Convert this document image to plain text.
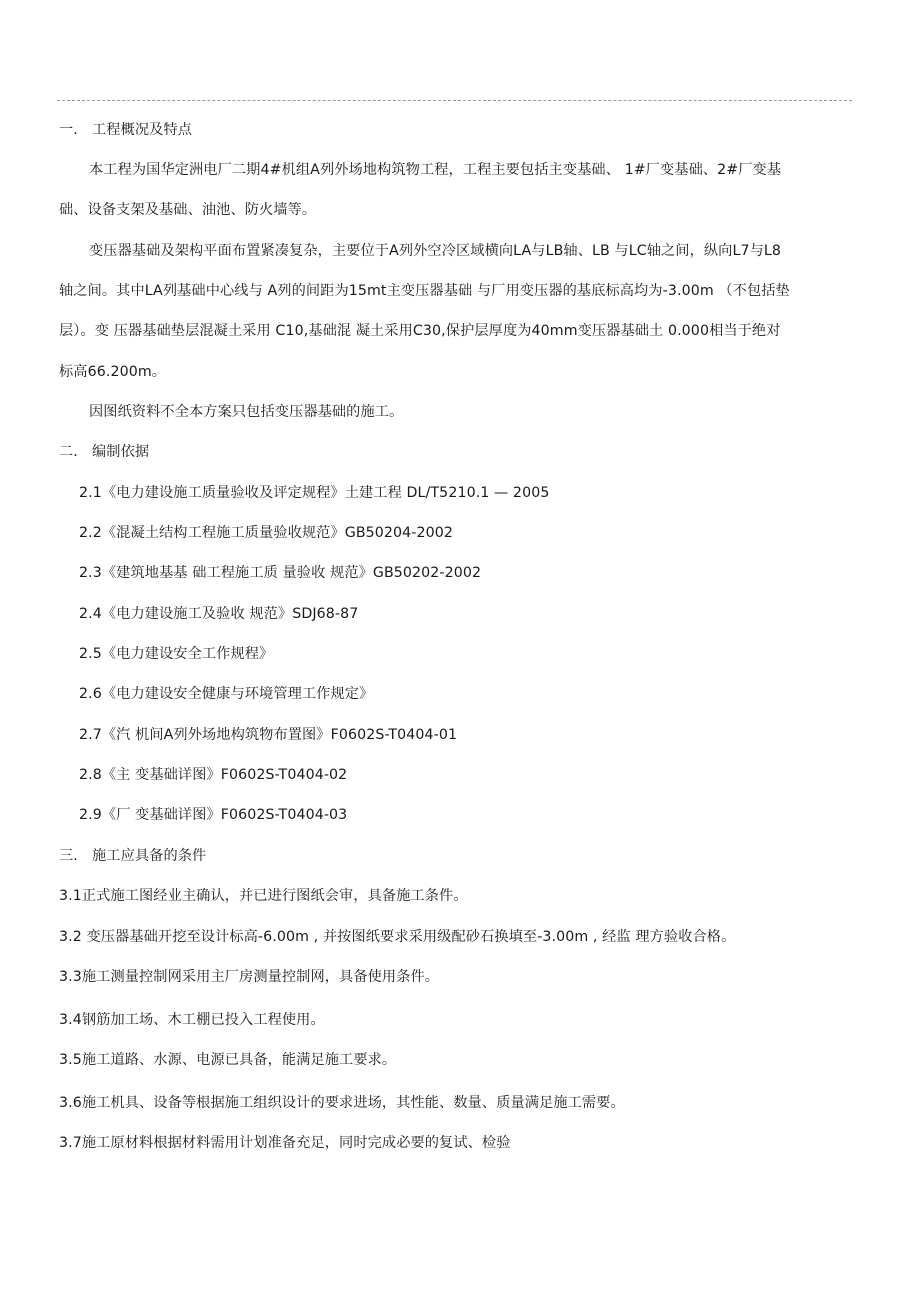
一. 工程概况及特点
本工程为国华定洲电厂二期4#机组A列外场地构筑物工程，工程主要包括主变基础、 1#厂变基础、2#厂变基
础、设备支架及基础、油池、防火墙等。
变压器基础及架构平面布置紧凑复杂，主要位于A列外空冷区域横向LA与LB轴、LB 与LC轴之间，纵向L7与L8
轴之间。其中LA列基础中心线与 A列的间距为15mt主变压器基础 与厂用变压器的基底标高均为-3.00m （不包括垫
层）。变 压器基础垫层混凝土采用 C10,基础混 凝土采用C30,保护层厚度为40mm变压器基础土 0.000相当于绝对
标高66.200m。
因图纸资料不全本方案只包括变压器基础的施工。
二. 编制依据
2.1《电力建设施工质量验收及评定规程》土建工程 DL/T5210.1 — 2005
2.2《混凝土结构工程施工质量验收规范》GB50204-2002
2.3《建筑地基基 础工程施工质 量验收 规范》GB50202-2002
2.4《电力建设施工及验收 规范》SDJ68-87
2.5《电力建设安全工作规程》
2.6《电力建设安全健康与环境管理工作规定》
2.7《汽 机间A列外场地构筑物布置图》F0602S-T0404-01
2.8《主 变基础详图》F0602S-T0404-02
2.9《厂 变基础详图》F0602S-T0404-03
三. 施工应具备的条件
3.1正式施工图经业主确认，并已进行图纸会审，具备施工条件。
3.2 变压器基础开挖至设计标高-6.00m , 并按图纸要求采用级配砂石换填至-3.00m , 经监 理方验收合格。
3.3施工测量控制网采用主厂房测量控制网，具备使用条件。
3.4钢筋加工场、木工棚已投入工程使用。
3.5施工道路、水源、电源已具备，能满足施工要求。
3.6施工机具、设备等根据施工组织设计的要求进场，其性能、数量、质量满足施工需要。
3.7施工原材料根据材料需用计划准备充足，同时完成必要的复试、检验
